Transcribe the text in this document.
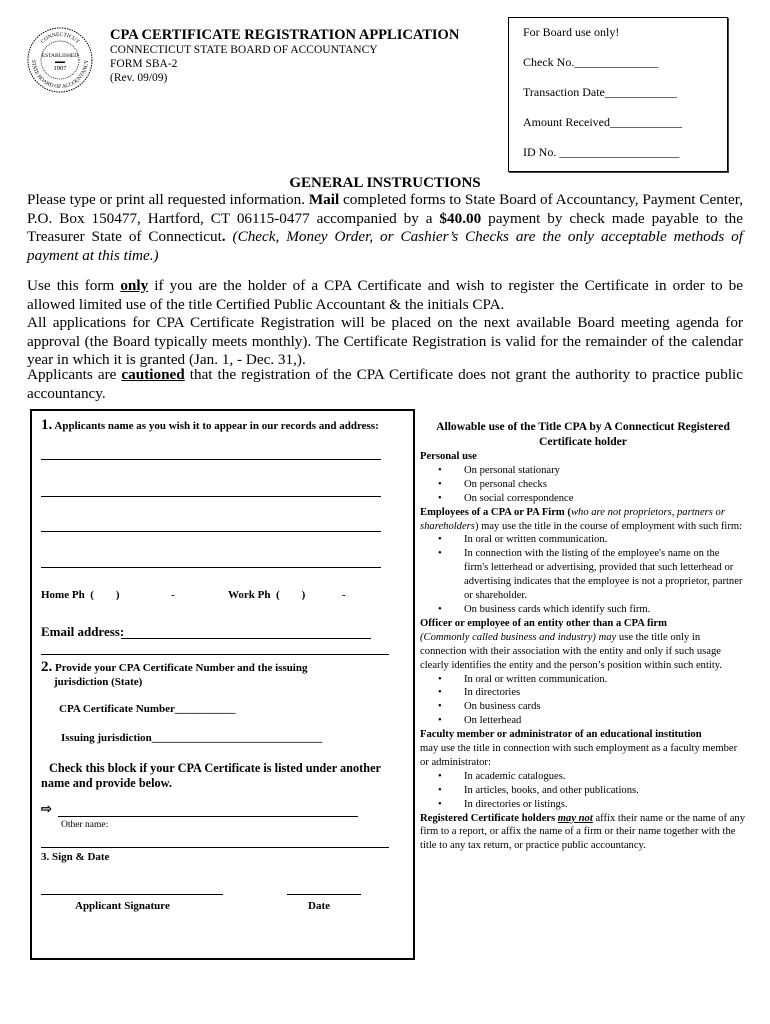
ESTABLISHED
▬▬
1907
CONNECTICUT
STATE BOARD OF ACCOUNTANCY
CPA CERTIFICATE REGISTRATION APPLICATION
CONNECTICUT STATE BOARD OF ACCOUNTANCY
FORM SBA-2
(Rev. 09/09)
For Board use only!
Check No.______________
Transaction Date____________
Amount Received____________
ID No. ____________________
GENERAL INSTRUCTIONS
Please type or print all requested information. Mail completed forms to State Board of Accountancy, Payment Center, P.O. Box 150477, Hartford, CT 06115-0477 accompanied by a $40.00 payment by check made payable to the Treasurer State of Connecticut. (Check, Money Order, or Cashier’s Checks are the only acceptable methods of payment at this time.)
Use this form only if you are the holder of a CPA Certificate and wish to register the Certificate in order to be allowed limited use of the title Certified Public Accountant & the initials CPA.
All applications for CPA Certificate Registration will be placed on the next available Board meeting agenda for approval (the Board typically meets monthly). The Certificate Registration is valid for the remainder of the calendar year in which it is granted (Jan. 1, - Dec. 31,).
Applicants are cautioned that the registration of the CPA Certificate does not grant the authority to practice public accountancy.
1. Applicants name as you wish it to appear in our records and address:
Home Ph  (        )	-	Work Ph  (        )	-
Email address:
2. Provide your CPA Certificate Number and the issuing
jurisdiction (State)
CPA Certificate Number___________
Issuing jurisdiction_______________________________
Check this block if your CPA Certificate is listed under another name and provide below.
⇨
Other name:
3. Sign & Date
Applicant Signature	Date
Allowable use of the Title CPA by A Connecticut Registered Certificate holder
Personal use
• On personal stationary
• On personal checks
• On social correspondence
Employees of a CPA or PA Firm (who are not proprietors, partners or shareholders) may use the title in the course of employment with such firm:
• In oral or written communication.
• In connection with the listing of the employee's name on the firm's letterhead or advertising, provided that such letterhead or advertising indicates that the employee is not a proprietor, partner or shareholder.
• On business cards which identify such firm.
Officer or employee of an entity other than a CPA firm
(Commonly called business and industry) may use the title only in connection with their association with the entity and only if such usage clearly identifies the entity and the person’s position within such entity.
• In oral or written communication.
• In directories
• On business cards
• On letterhead
Faculty member or administrator of an educational institution
may use the title in connection with such employment as a faculty member or administrator:
• In academic catalogues.
• In articles, books, and other publications.
• In directories or listings.
Registered Certificate holders may not affix their name or the name of any firm to a report, or affix the name of a firm or their name together with the title to any tax return, or practice public accountancy.
